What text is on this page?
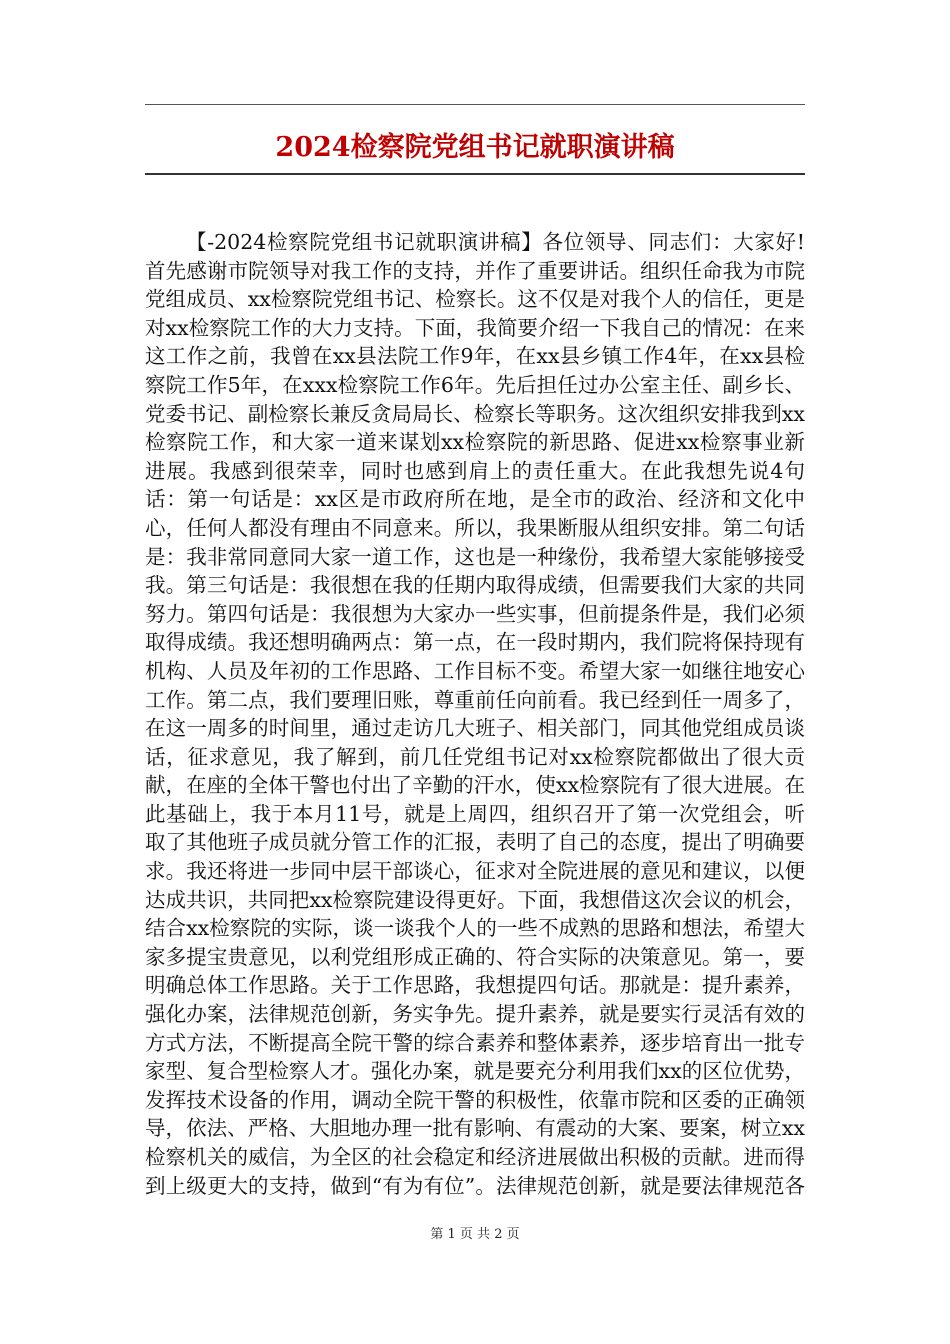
2024检察院党组书记就职演讲稿

【-2024检察院党组书记就职演讲稿】各位领导、同志们：大家好!首先感谢市院领导对我工作的支持，并作了重要讲话。组织任命我为市院党组成员、xx检察院党组书记、检察长。这不仅是对我个人的信任，更是对xx检察院工作的大力支持。下面，我简要介绍一下我自己的情况：在来这工作之前，我曾在xx县法院工作9年，在xx县乡镇工作4年，在xx县检察院工作5年，在xxx检察院工作6年。先后担任过办公室主任、副乡长、党委书记、副检察长兼反贪局局长、检察长等职务。这次组织安排我到xx检察院工作，和大家一道来谋划xx检察院的新思路、促进xx检察事业新进展。我感到很荣幸，同时也感到肩上的责任重大。在此我想先说4句话：第一句话是：xx区是市政府所在地，是全市的政治、经济和文化中心，任何人都没有理由不同意来。所以，我果断服从组织安排。第二句话是：我非常同意同大家一道工作，这也是一种缘份，我希望大家能够接受我。第三句话是：我很想在我的任期内取得成绩，但需要我们大家的共同努力。第四句话是：我很想为大家办一些实事，但前提条件是，我们必须取得成绩。我还想明确两点：第一点，在一段时期内，我们院将保持现有机构、人员及年初的工作思路、工作目标不变。希望大家一如继往地安心工作。第二点，我们要理旧账，尊重前任向前看。我已经到任一周多了，在这一周多的时间里，通过走访几大班子、相关部门，同其他党组成员谈话，征求意见，我了解到，前几任党组书记对xx检察院都做出了很大贡献，在座的全体干警也付出了辛勤的汗水，使xx检察院有了很大进展。在此基础上，我于本月11号，就是上周四，组织召开了第一次党组会，听取了其他班子成员就分管工作的汇报，表明了自己的态度，提出了明确要求。我还将进一步同中层干部谈心，征求对全院进展的意见和建议，以便达成共识，共同把xx检察院建设得更好。下面，我想借这次会议的机会，结合xx检察院的实际，谈一谈我个人的一些不成熟的思路和想法，希望大家多提宝贵意见，以利党组形成正确的、符合实际的决策意见。第一，要明确总体工作思路。关于工作思路，我想提四句话。那就是：提升素养，强化办案，法律规范创新，务实争先。提升素养，就是要实行灵活有效的方式方法，不断提高全院干警的综合素养和整体素养，逐步培育出一批专家型、复合型检察人才。强化办案，就是要充分利用我们xx的区位优势，发挥技术设备的作用，调动全院干警的积极性，依靠市院和区委的正确领导，依法、严格、大胆地办理一批有影响、有震动的大案、要案，树立xx检察机关的威信，为全区的社会稳定和经济进展做出积极的贡献。进而得到上级更大的支持，做到“有为有位”。法律规范创新，就是要法律规范各

第 1 页 共 2 页
